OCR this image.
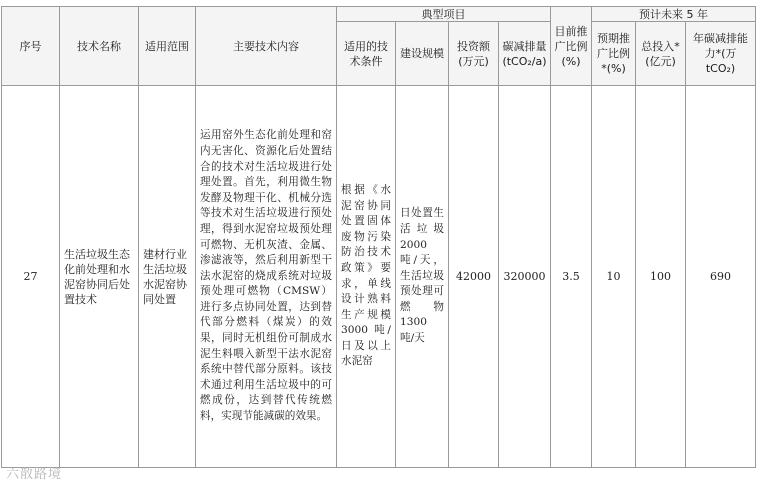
序号	技术名称	适用范围	主要技术内容	典型项目				目前推广比例(%)	预计未来 5 年		

				适用的技术条件	建设规模	投资额(万元)	碳减排量(tCO₂/a)		预期推广比例*(%)	总投入*(亿元)	年碳减排能力*(万 tCO₂)

27	生活垃圾生态化前处理和水泥窑协同后处置技术	建材行业生活垃圾水泥窑协同处置	运用窑外生态化前处理和窑内无害化、资源化后处置结合的技术对生活垃圾进行处理处置。首先，利用微生物发酵及物理干化、机械分选等技术对生活垃圾进行预处理，得到水泥窑垃圾预处理可燃物、无机灰渣、金属、渗滤液等，然后利用新型干法水泥窑的烧成系统对垃圾预处理可燃物（CMSW）进行多点协同处置，达到替代部分燃料（煤炭）的效果，同时无机组份可制成水泥生料喂入新型干法水泥窑系统中替代部分原料。该技术通过利用生活垃圾中的可燃成份，达到替代传统燃料，实现节能减碳的效果。	根据《水泥窑协同处置固体废物污染防治技术政策》要求，单线设计熟料生产规模 3000 吨/日及以上水泥窑	日处置生活垃圾 2000 吨/天，生活垃圾预处理可燃物 1300 吨/天	42000	320000	3.5	10	100	690
六散路境
